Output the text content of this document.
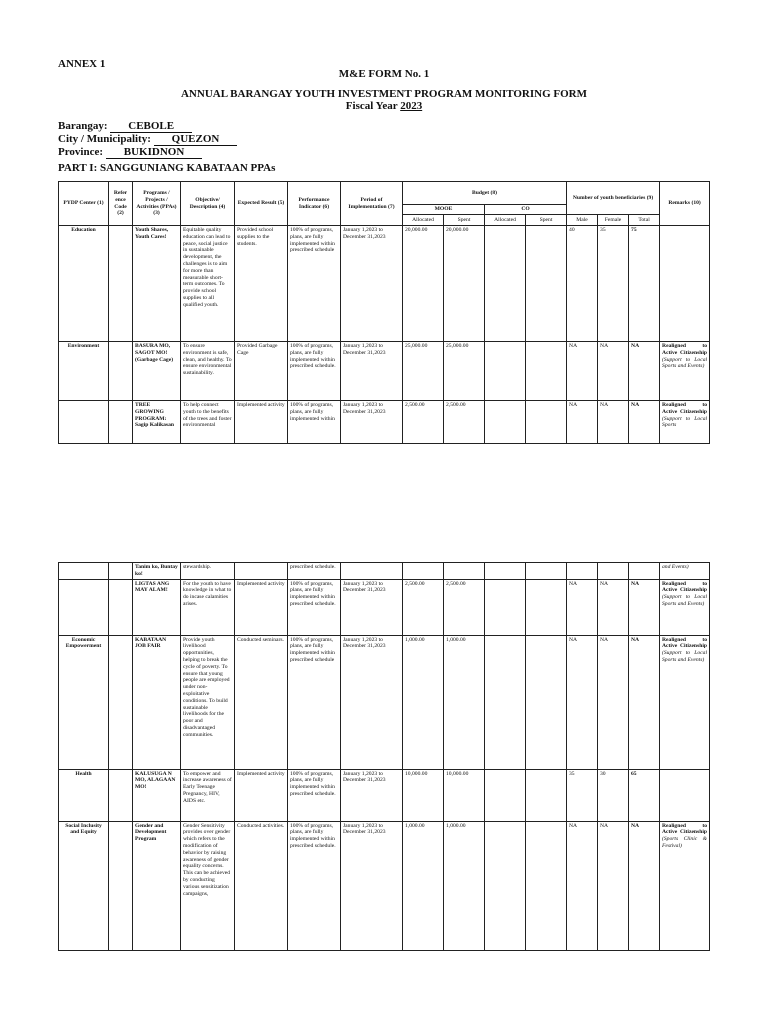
ANNEX 1
M&E FORM No. 1
ANNUAL BARANGAY YOUTH INVESTMENT PROGRAM MONITORING FORM
Fiscal Year 2023
Barangay: CEBOLE
City / Municipality: QUEZON
Province: BUKIDNON
PART I: SANGGUNIANG KABATAAN PPAs
PYDP Center (1)	Refer ence Code (2)	Programs / Projects / Activities (PPAs) (3)	Objective/ Description (4)	Expected Result (5)	Performance Indicator (6)	Period of Implementation (7)	Budget (8)				Number of youth beneficiaries (9)			Remarks (10)
							MOOE		CO					
							Allocated	Spent	Allocated	Spent	Male	Female	Total	
Education		Youth Shares, Youth Cares!	Equitable quality education can lead to peace, social justice in sustainable development, the challenges is to aim for more than measurable short-term outcomes. To provide school supplies to all qualified youth.	Provided school supplies to the students.	100% of programs, plans, are fully implemented within prescribed schedule	January 1,2023 to December 31,2023	20,000.00	20,000.00			40	35	75	
Environment		BASURA MO, SAGOT MO! (Garbage Cage)	To ensure environment is safe, clean, and healthy. To ensure environmental sustainability.	Provided Garbage Cage	100% of programs, plans, are fully implemented within prescribed schedule.	January 1,2023 to December 31,2023	25,000.00	25,000.00			NA	NA	NA	Realigned to Active Citizenship (Support to Local Sports and Events)
		TREE GROWING PROGRAM: Sagip Kalikasan	To help connect youth to the benefits of the trees and foster environmental	Implemented activity	100% of programs, plans, are fully implemented within	January 1,2023 to December 31,2023	2,500.00	2,500.00			NA	NA	NA	Realigned to Active Citizenship (Support to Local Sports
		Tanim ko, Buntay ko!	stewardship.		prescribed schedule.									and Events)
		LIGTAS ANG MAY ALAM!	For the youth to have knowledge in what to do incase calamities arises.	Implemented activity	100% of programs, plans, are fully implemented within prescribed schedule.	January 1,2023 to December 31,2023	2,500.00	2,500.00			NA	NA	NA	Realigned to Active Citizenship (Support to Local Sports and Events)
Economic Empowerment		KABATAAN JOB FAIR	Provide youth livelihood opportunities, helping to break the cycle of poverty. To ensure that young people are employed under non-exploitative conditions. To build sustainable livelihoods for the poor and disadvantaged communities.	Conducted seminars.	100% of programs, plans, are fully implemented within prescribed schedule	January 1,2023 to December 31,2023	1,000.00	1,000.00			NA	NA	NA	Realigned to Active Citizenship (Support to Local Sports and Events)
Health		KALUSUGA N MO, ALAGAAN MO!	To empower and increase awareness of Early Teenage Pregnancy, HIV, AIDS etc.	Implemented activity	100% of programs, plans, are fully implemented within prescribed schedule.	January 1,2023 to December 31,2023	10,000.00	10,000.00			35	30	65	
Social Inclusity and Equity		Gender and Development Program	Gender Sensitivity provides over gender which refers to the modification of behavior by raising awareness of gender equality concerns. This can be achieved by conducting various sensitization campaigns,	Conducted activities.	100% of programs, plans, are fully implemented within prescribed schedule.	January 1,2023 to December 31,2023	1,000.00	1,000.00			NA	NA	NA	Realigned to Active Citizenship (Sports Clinic & Festival)
